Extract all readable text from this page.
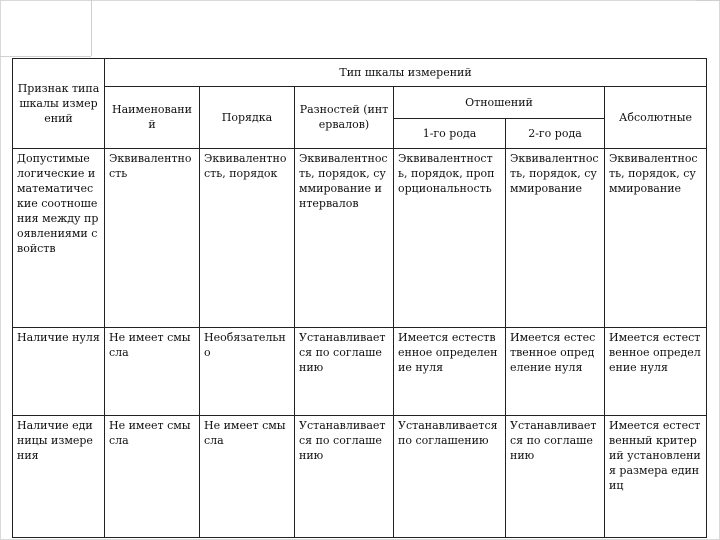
Признак типа шкалы измерений	Тип шкалы измерений					
	Наименований	Порядка	Разностей (интервалов)	Отношений		Абсолютные
				1-го рода	2-го рода	
Допустимые логические и математические соотношения между проявлениями свойств	Эквивалентность	Эквивалентность, порядок	Эквивалентность, порядок, суммирование интервалов	Эквивалентность, порядок, пропорциональность	Эквивалентность, порядок, суммирование	Эквивалентность, порядок, суммирование
Наличие нуля	Не имеет смысла	Необязательно	Устанавливается по соглашению	Имеется естественное определение нуля	Имеется естественное определение нуля	Имеется естественное определение нуля
Наличие единицы измерения	Не имеет смысла	Не имеет смысла	Устанавливается по соглашению	Устанавливается по соглашению	Устанавливается по соглашению	Имеется естественный критерий установления размера единиц
